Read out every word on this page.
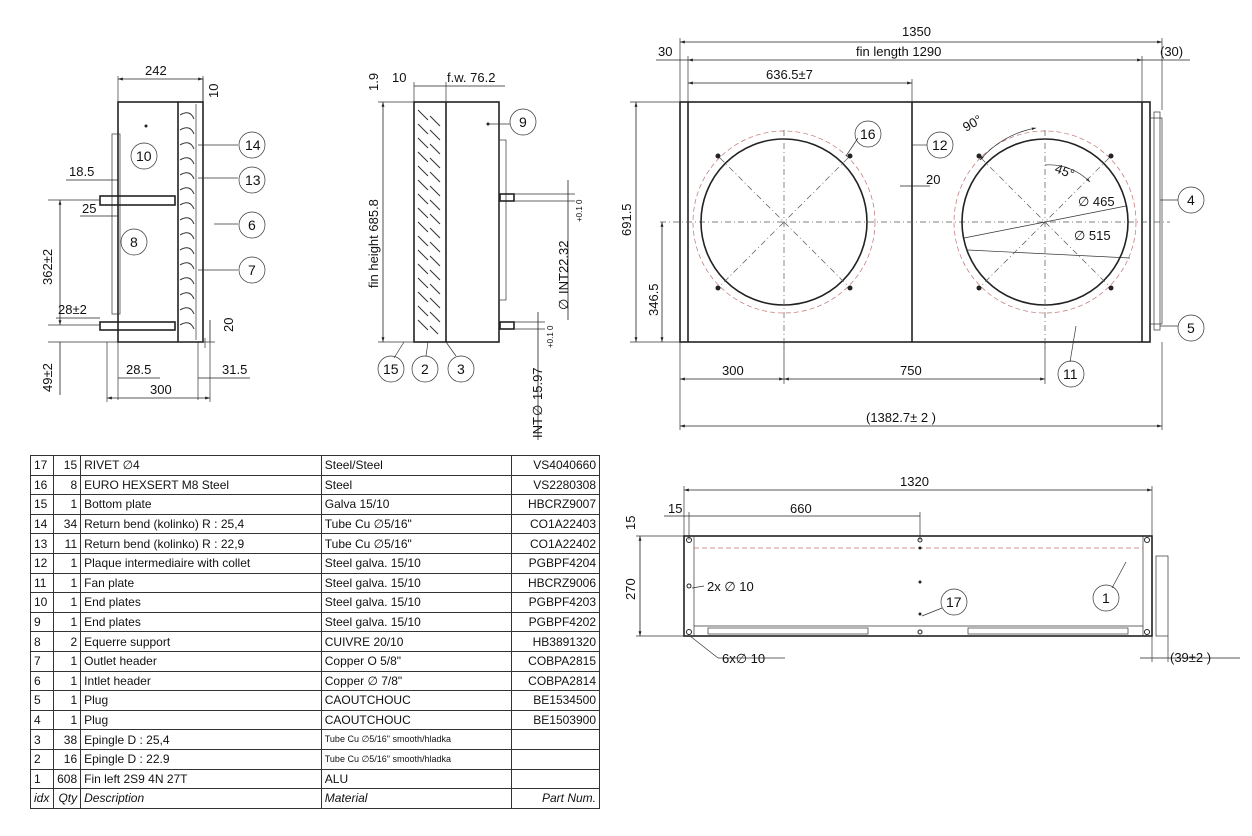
242
10
18.5
25
362±2
28±2
20
49±2	28.5	31.5
300
14
13
6
7
10
8
10	f.w. 76.2
fin height 685.8
1.9
∅
INT22.32
+0.1 0
∅
15.97
+0.1 0
INT
9
15 2 3
90°
45°
∅ 465
∅ 515
1350
30	fin length 1290	(30)
636.5±7
691.5
346.5
300	750
(1382.7± 2 )
20
16
12
4
5
11
1320
15	660
270
15
2x ∅ 10
6x∅ 10	(39±2 )
17	1
17	15	RIVET ∅4	Steel/Steel	VS4040660
16	8	EURO HEXSERT M8 Steel	Steel	VS2280308
15	1	Bottom plate	Galva 15/10	HBCRZ9007
14	34	Return bend (kolinko) R : 25,4	Tube Cu ∅5/16"	CO1A22403
13	11	Return bend (kolinko) R : 22,9	Tube Cu ∅5/16"	CO1A22402
12	1	Plaque intermediaire with collet	Steel galva. 15/10	PGBPF4204
11	1	Fan plate	Steel galva. 15/10	HBCRZ9006
10	1	End plates	Steel galva. 15/10	PGBPF4203
9	1	End plates	Steel galva. 15/10	PGBPF4202
8	2	Equerre support	CUIVRE 20/10	HB3891320
7	1	Outlet header	Copper O 5/8"	COBPA2815
6	1	Intlet header	Copper ∅ 7/8"	COBPA2814
5	1	Plug	CAOUTCHOUC	BE1534500
4	1	Plug	CAOUTCHOUC	BE1503900
3	38	Epingle D : 25,4	Tube Cu ∅5/16" smooth/hladka	
2	16	Epingle D : 22.9	Tube Cu ∅5/16" smooth/hladka	
1	608	Fin left 2S9 4N 27T	ALU	
idx	Qty	Description	Material	Part Num.
